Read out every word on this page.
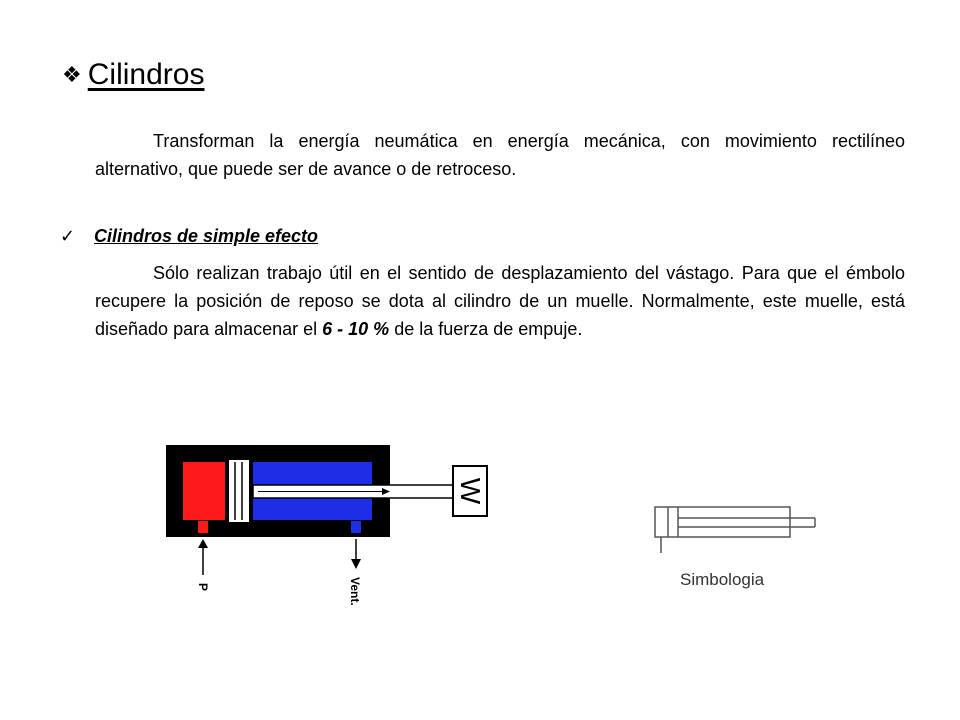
❖ Cilindros

Transforman la energía neumática en energía mecánica, con movimiento rectilíneo alternativo, que puede ser de avance o de retroceso.

✓	Cilindros de simple efecto

Sólo realizan trabajo útil en el sentido de desplazamiento del vástago. Para que el émbolo recupere la posición de reposo se dota al cilindro de un muelle. Normalmente, este muelle, está diseñado para almacenar el 6 - 10 % de la fuerza de empuje.

W
P	Vent.	Simbologia
